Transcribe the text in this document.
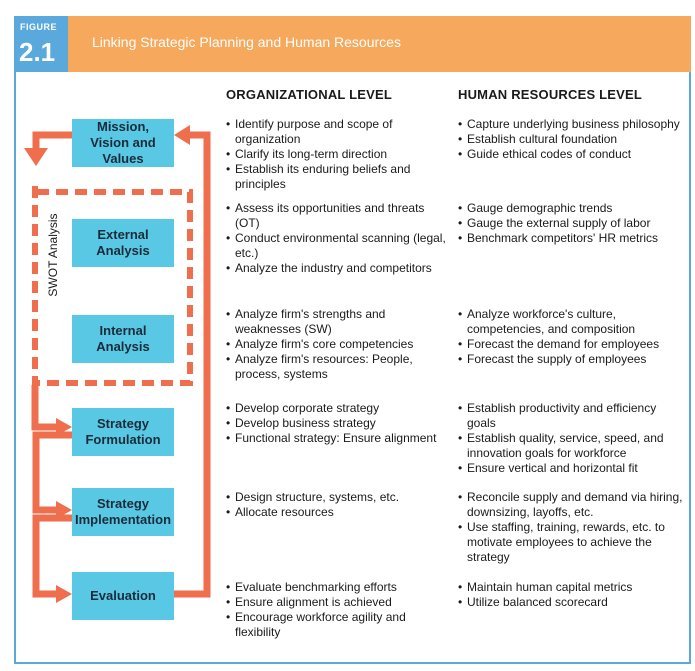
FIGURE
2.1	Linking Strategic Planning and Human Resources
ORGANIZATIONAL LEVEL	HUMAN RESOURCES LEVEL
SWOT Analysis
Mission, Vision and Values
External Analysis
Internal Analysis
Strategy Formulation
Strategy Implementation
Evaluation
• Identify purpose and scope of organization
• Clarify its long-term direction
• Establish its enduring beliefs and principles
• Assess its opportunities and threats (OT)
• Conduct environmental scanning (legal, etc.)
• Analyze the industry and competitors
• Analyze firm's strengths and weaknesses (SW)
• Analyze firm's core competencies
• Analyze firm's resources: People, process, systems
• Develop corporate strategy
• Develop business strategy
• Functional strategy: Ensure alignment
• Design structure, systems, etc.
• Allocate resources
• Evaluate benchmarking efforts
• Ensure alignment is achieved
• Encourage workforce agility and flexibility
• Capture underlying business philosophy
• Establish cultural foundation
• Guide ethical codes of conduct
• Gauge demographic trends
• Gauge the external supply of labor
• Benchmark competitors' HR metrics
• Analyze workforce's culture, competencies, and composition
• Forecast the demand for employees
• Forecast the supply of employees
• Establish productivity and efficiency goals
• Establish quality, service, speed, and innovation goals for workforce
• Ensure vertical and horizontal fit
• Reconcile supply and demand via hiring, downsizing, layoffs, etc.
• Use staffing, training, rewards, etc. to motivate employees to achieve the strategy
• Maintain human capital metrics
• Utilize balanced scorecard
